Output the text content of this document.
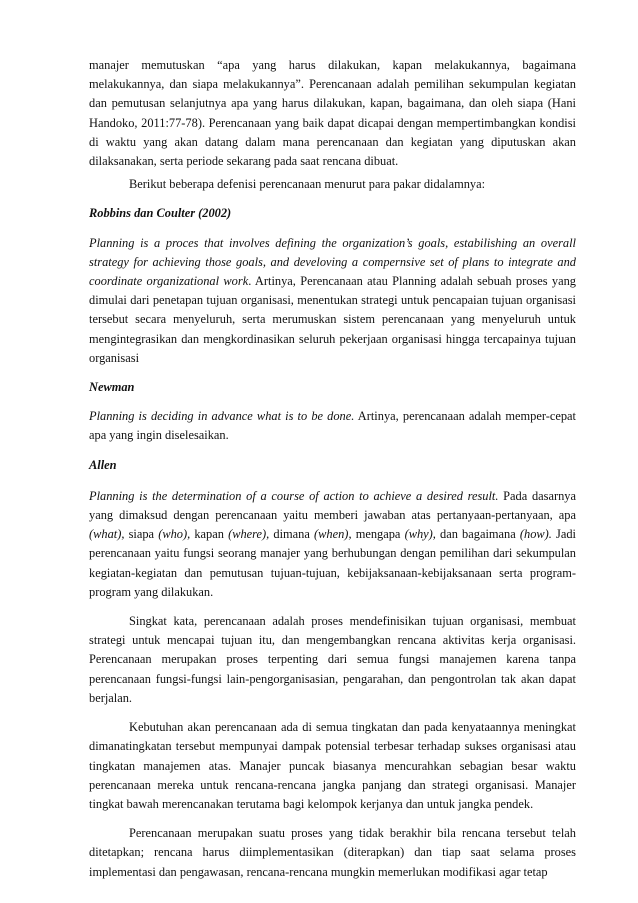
manajer memutuskan “apa yang harus dilakukan, kapan melakukannya, bagaimana melakukannya, dan siapa melakukannya”. Perencanaan adalah pemilihan sekumpulan kegiatan dan pemutusan selanjutnya apa yang harus dilakukan, kapan, bagaimana, dan oleh siapa (Hani Handoko, 2011:77-78). Perencanaan yang baik dapat dicapai dengan mempertimbangkan kondisi di waktu yang akan datang dalam mana perencanaan dan kegiatan yang diputuskan akan dilaksanakan, serta periode sekarang pada saat rencana dibuat.

Berikut beberapa defenisi perencanaan menurut para pakar didalamnya:

Robbins dan Coulter (2002)

Planning is a proces that involves defining the organization’s goals, estabilishing an overall strategy for achieving those goals, and develoving a compernsive set of plans to integrate and coordinate organizational work. Artinya, Perencanaan atau Planning adalah sebuah proses yang dimulai dari penetapan tujuan organisasi, menentukan strategi untuk pencapaian tujuan organisasi tersebut secara menyeluruh, serta merumuskan sistem perencanaan yang menyeluruh untuk mengintegrasikan dan mengkordinasikan seluruh pekerjaan organisasi hingga tercapainya tujuan organisasi

Newman

Planning is deciding in advance what is to be done. Artinya, perencanaan adalah memper-cepat apa yang ingin diselesaikan.

Allen

Planning is the determination of a course of action to achieve a desired result. Pada dasarnya yang dimaksud dengan perencanaan yaitu memberi jawaban atas pertanyaan-pertanyaan, apa (what), siapa (who), kapan (where), dimana (when), mengapa (why), dan bagaimana (how). Jadi perencanaan yaitu fungsi seorang manajer yang berhubungan dengan pemilihan dari sekumpulan kegiatan-kegiatan dan pemutusan tujuan-tujuan, kebijaksanaan-kebijaksanaan serta program-program yang dilakukan.

Singkat kata, perencanaan adalah proses mendefinisikan tujuan organisasi, membuat strategi untuk mencapai tujuan itu, dan mengembangkan rencana aktivitas kerja organisasi. Perencanaan merupakan proses terpenting dari semua fungsi manajemen karena tanpa perencanaan fungsi-fungsi lain-pengorganisasian, pengarahan, dan pengontrolan tak akan dapat berjalan.

Kebutuhan akan perencanaan ada di semua tingkatan dan pada kenyataannya meningkat dimanatingkatan tersebut mempunyai dampak potensial terbesar terhadap sukses organisasi atau tingkatan manajemen atas. Manajer puncak biasanya mencurahkan sebagian besar waktu perencanaan mereka untuk rencana-rencana jangka panjang dan strategi organisasi. Manajer tingkat bawah merencanakan terutama bagi kelompok kerjanya dan untuk jangka pendek.

Perencanaan merupakan suatu proses yang tidak berakhir bila rencana tersebut telah ditetapkan; rencana harus diimplementasikan (diterapkan) dan tiap saat selama proses implementasi dan pengawasan, rencana-rencana mungkin memerlukan modifikasi agar tetap
